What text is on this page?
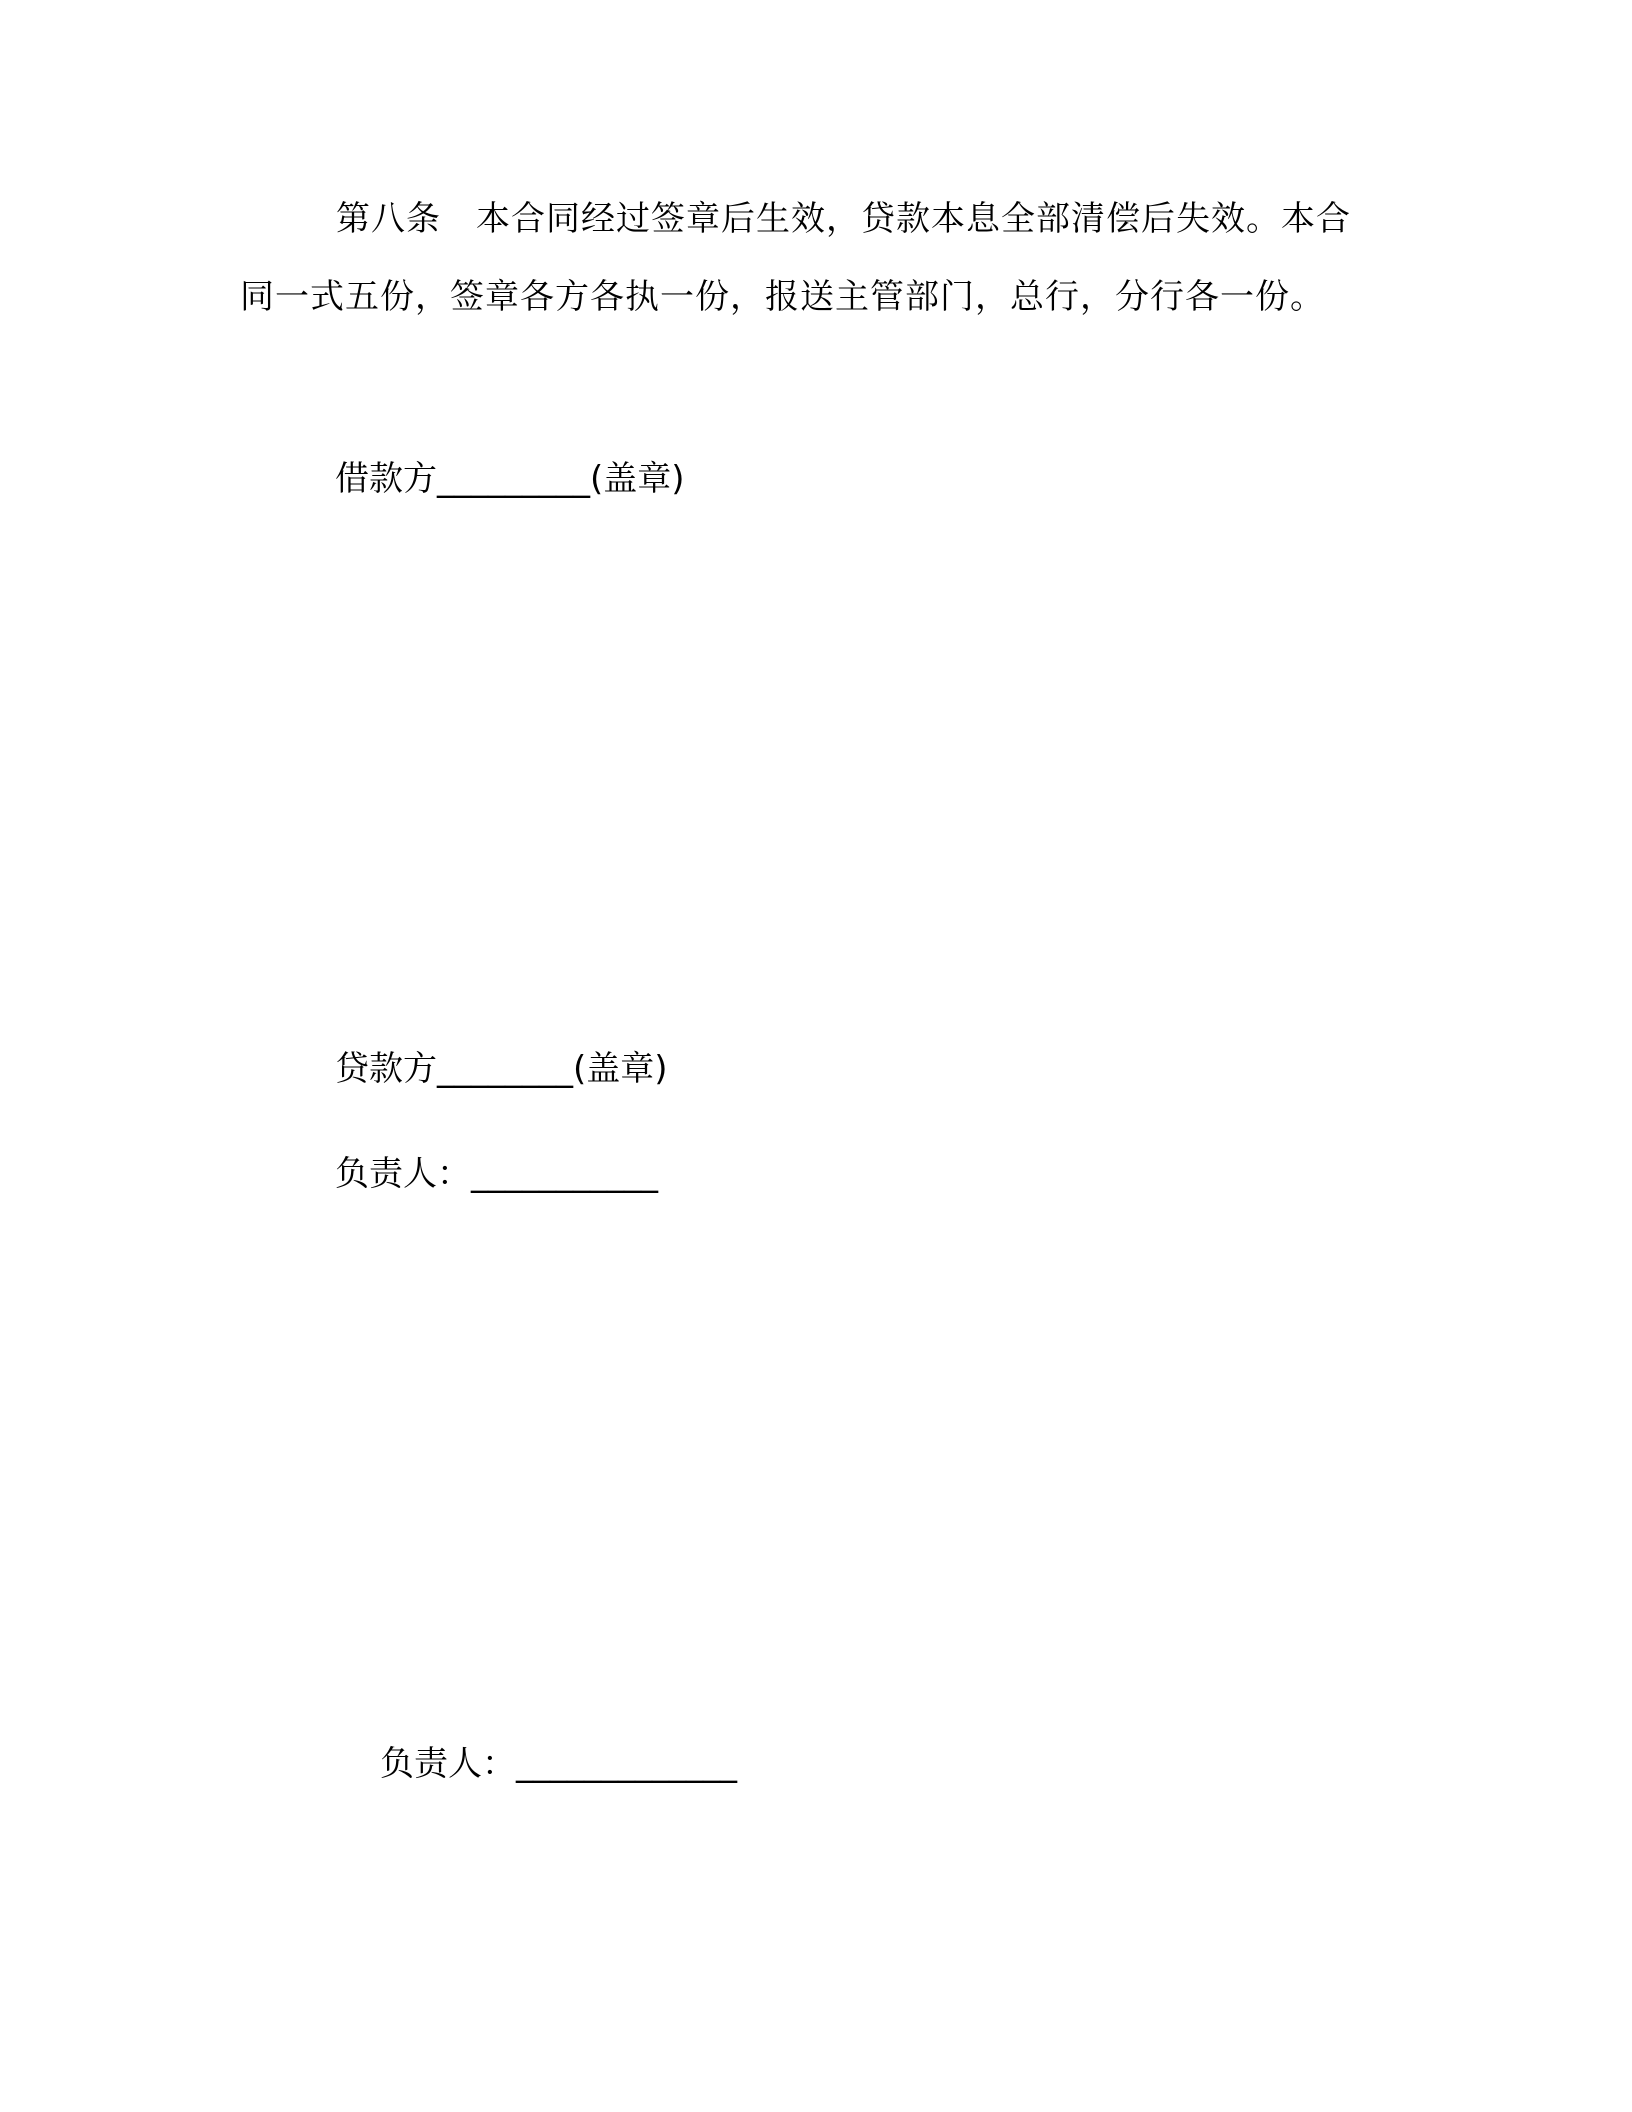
第八条　本合同经过签章后生效，贷款本息全部清偿后失效。本合同一式五份，签章各方各执一份，报送主管部门，总行，分行各一份。

借款方_________(盖章)
贷款方________(盖章)
负责人：___________
负责人：_____________
